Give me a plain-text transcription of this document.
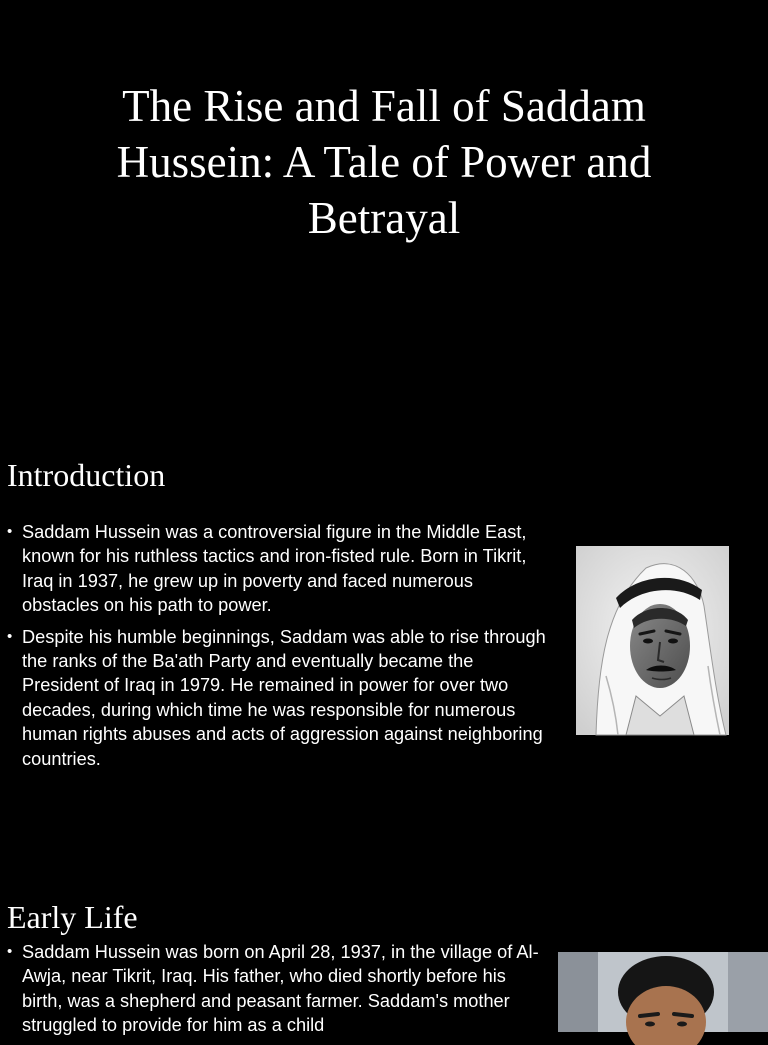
The Rise and Fall of Saddam Hussein: A Tale of Power and Betrayal
Introduction
• Saddam Hussein was a controversial figure in the Middle East, known for his ruthless tactics and iron-fisted rule. Born in Tikrit, Iraq in 1937, he grew up in poverty and faced numerous obstacles on his path to power.
• Despite his humble beginnings, Saddam was able to rise through the ranks of the Ba'ath Party and eventually became the President of Iraq in 1979. He remained in power for over two decades, during which time he was responsible for numerous human rights abuses and acts of aggression against neighboring countries.
Early Life
• Saddam Hussein was born on April 28, 1937, in the village of Al-Awja, near Tikrit, Iraq. His father, who died shortly before his birth, was a shepherd and peasant farmer. Saddam's mother struggled to provide for him as a child
